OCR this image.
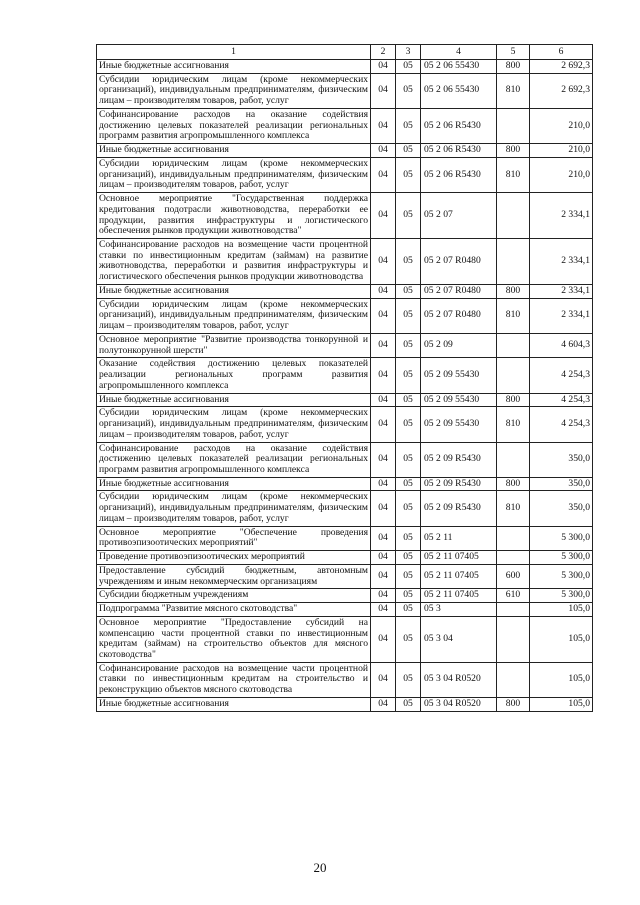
1	2	3	4	5	6
Иные бюджетные ассигнования	04	05	05 2 06 55430	800	2 692,3
Субсидии юридическим лицам (кроме некоммерческих организаций), индивидуальным предпринимателям, физическим лицам – производителям товаров, работ, услуг	04	05	05 2 06 55430	810	2 692,3
Софинансирование расходов на оказание содействия достижению целевых показателей реализации региональных программ развития агропромышленного комплекса	04	05	05 2 06 R5430		210,0
Иные бюджетные ассигнования	04	05	05 2 06 R5430	800	210,0
Субсидии юридическим лицам (кроме некоммерческих организаций), индивидуальным предпринимателям, физическим лицам – производителям товаров, работ, услуг	04	05	05 2 06 R5430	810	210,0
Основное мероприятие "Государственная поддержка кредитования подотрасли животноводства, переработки ее продукции, развития инфраструктуры и логистического обеспечения рынков продукции животноводства"	04	05	05 2 07		2 334,1
Софинансирование расходов на возмещение части процентной ставки по инвестиционным кредитам (займам) на развитие животноводства, переработки и развития инфраструктуры и логистического обеспечения рынков продукции животноводства	04	05	05 2 07 R0480		2 334,1
Иные бюджетные ассигнования	04	05	05 2 07 R0480	800	2 334,1
Субсидии юридическим лицам (кроме некоммерческих организаций), индивидуальным предпринимателям, физическим лицам – производителям товаров, работ, услуг	04	05	05 2 07 R0480	810	2 334,1
Основное мероприятие "Развитие производства тонкорунной и полутонкорунной шерсти"	04	05	05 2 09		4 604,3
Оказание содействия достижению целевых показателей реализации региональных программ развития агропромышленного комплекса	04	05	05 2 09 55430		4 254,3
Иные бюджетные ассигнования	04	05	05 2 09 55430	800	4 254,3
Субсидии юридическим лицам (кроме некоммерческих организаций), индивидуальным предпринимателям, физическим лицам – производителям товаров, работ, услуг	04	05	05 2 09 55430	810	4 254,3
Софинансирование расходов на оказание содействия достижению целевых показателей реализации региональных программ развития агропромышленного комплекса	04	05	05 2 09 R5430		350,0
Иные бюджетные ассигнования	04	05	05 2 09 R5430	800	350,0
Субсидии юридическим лицам (кроме некоммерческих организаций), индивидуальным предпринимателям, физическим лицам – производителям товаров, работ, услуг	04	05	05 2 09 R5430	810	350,0
Основное мероприятие "Обеспечение проведения противоэпизоотических мероприятий"	04	05	05 2 11		5 300,0
Проведение противоэпизоотических мероприятий	04	05	05 2 11 07405		5 300,0
Предоставление субсидий бюджетным, автономным учреждениям и иным некоммерческим организациям	04	05	05 2 11 07405	600	5 300,0
Субсидии бюджетным учреждениям	04	05	05 2 11 07405	610	5 300,0
Подпрограмма "Развитие мясного скотоводства"	04	05	05 3		105,0
Основное мероприятие "Предоставление субсидий на компенсацию части процентной ставки по инвестиционным кредитам (займам) на строительство объектов для мясного скотоводства"	04	05	05 3 04		105,0
Софинансирование расходов на возмещение части процентной ставки по инвестиционным кредитам на строительство и реконструкцию объектов мясного скотоводства	04	05	05 3 04 R0520		105,0
Иные бюджетные ассигнования	04	05	05 3 04 R0520	800	105,0
20
